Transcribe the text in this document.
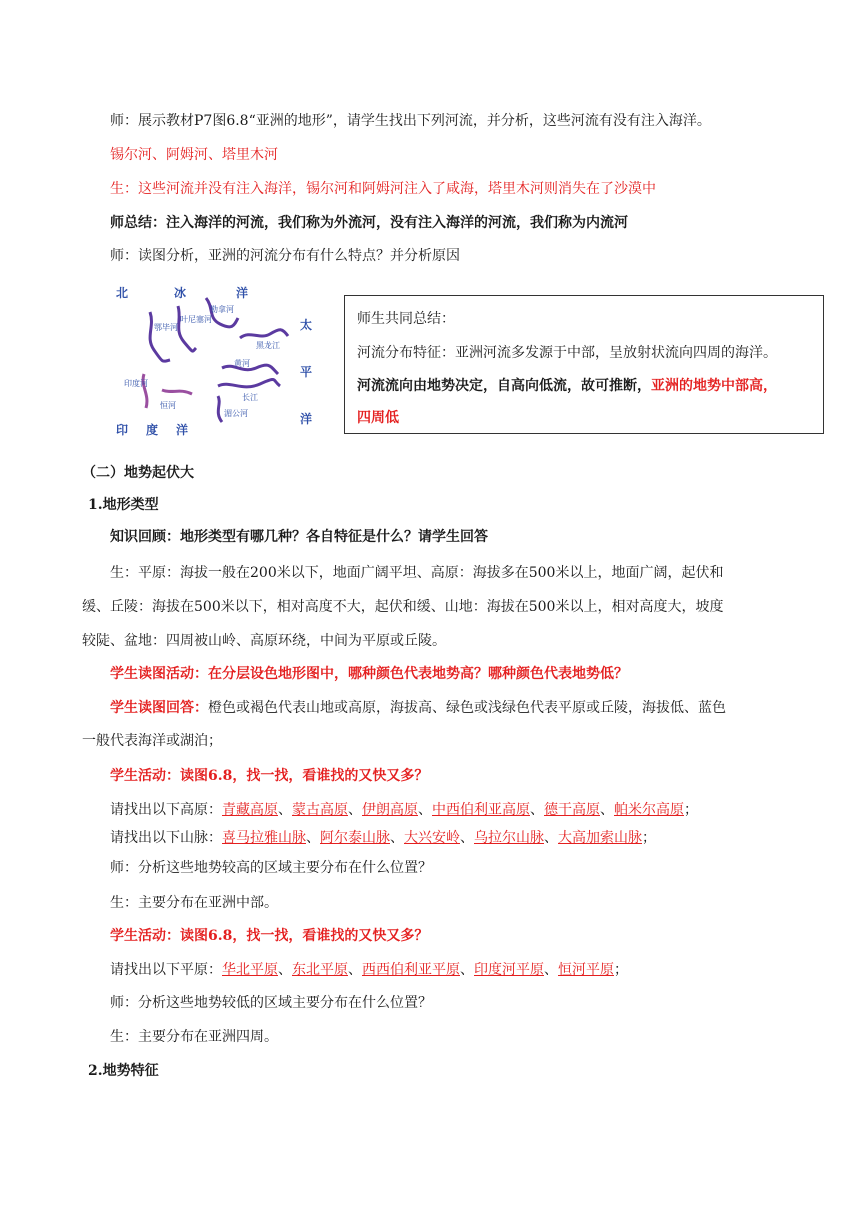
师：展示教材P7图6.8“亚洲的地形”，请学生找出下列河流，并分析，这些河流有没有注入海洋。
锡尔河、阿姆河、塔里木河
生：这些河流并没有注入海洋，锡尔河和阿姆河注入了咸海，塔里木河则消失在了沙漠中
师总结：注入海洋的河流，我们称为外流河，没有注入海洋的河流，我们称为内流河
师：读图分析，亚洲的河流分布有什么特点？并分析原因
北	冰	洋
太
平
洋
印 度 洋
鄂毕河
叶尼塞河
勒拿河
黑龙江
黄河
长江
湄公河
印度河
恒河
师生共同总结：
河流分布特征：亚洲河流多发源于中部，呈放射状流向四周的海洋。
河流流向由地势决定，自高向低流，故可推断，亚洲的地势中部高，
四周低
（二）地势起伏大
1.地形类型
知识回顾：地形类型有哪几种？各自特征是什么？请学生回答
生：平原：海拔一般在200米以下，地面广阔平坦、高原：海拔多在500米以上，地面广阔，起伏和
缓、丘陵：海拔在500米以下，相对高度不大，起伏和缓、山地：海拔在500米以上，相对高度大，坡度
较陡、盆地：四周被山岭、高原环绕，中间为平原或丘陵。
学生读图活动：在分层设色地形图中，哪种颜色代表地势高？哪种颜色代表地势低？
学生读图回答：橙色或褐色代表山地或高原，海拔高、绿色或浅绿色代表平原或丘陵，海拔低、蓝色
一般代表海洋或湖泊；
学生活动：读图6.8，找一找，看谁找的又快又多？
请找出以下高原：青藏高原、蒙古高原、伊朗高原、中西伯利亚高原、德干高原、帕米尔高原；
请找出以下山脉：喜马拉雅山脉、阿尔泰山脉、大兴安岭、乌拉尔山脉、大高加索山脉；
师：分析这些地势较高的区域主要分布在什么位置？
生：主要分布在亚洲中部。
学生活动：读图6.8，找一找，看谁找的又快又多？
请找出以下平原：华北平原、东北平原、西西伯利亚平原、印度河平原、恒河平原；
师：分析这些地势较低的区域主要分布在什么位置？
生：主要分布在亚洲四周。
2.地势特征
